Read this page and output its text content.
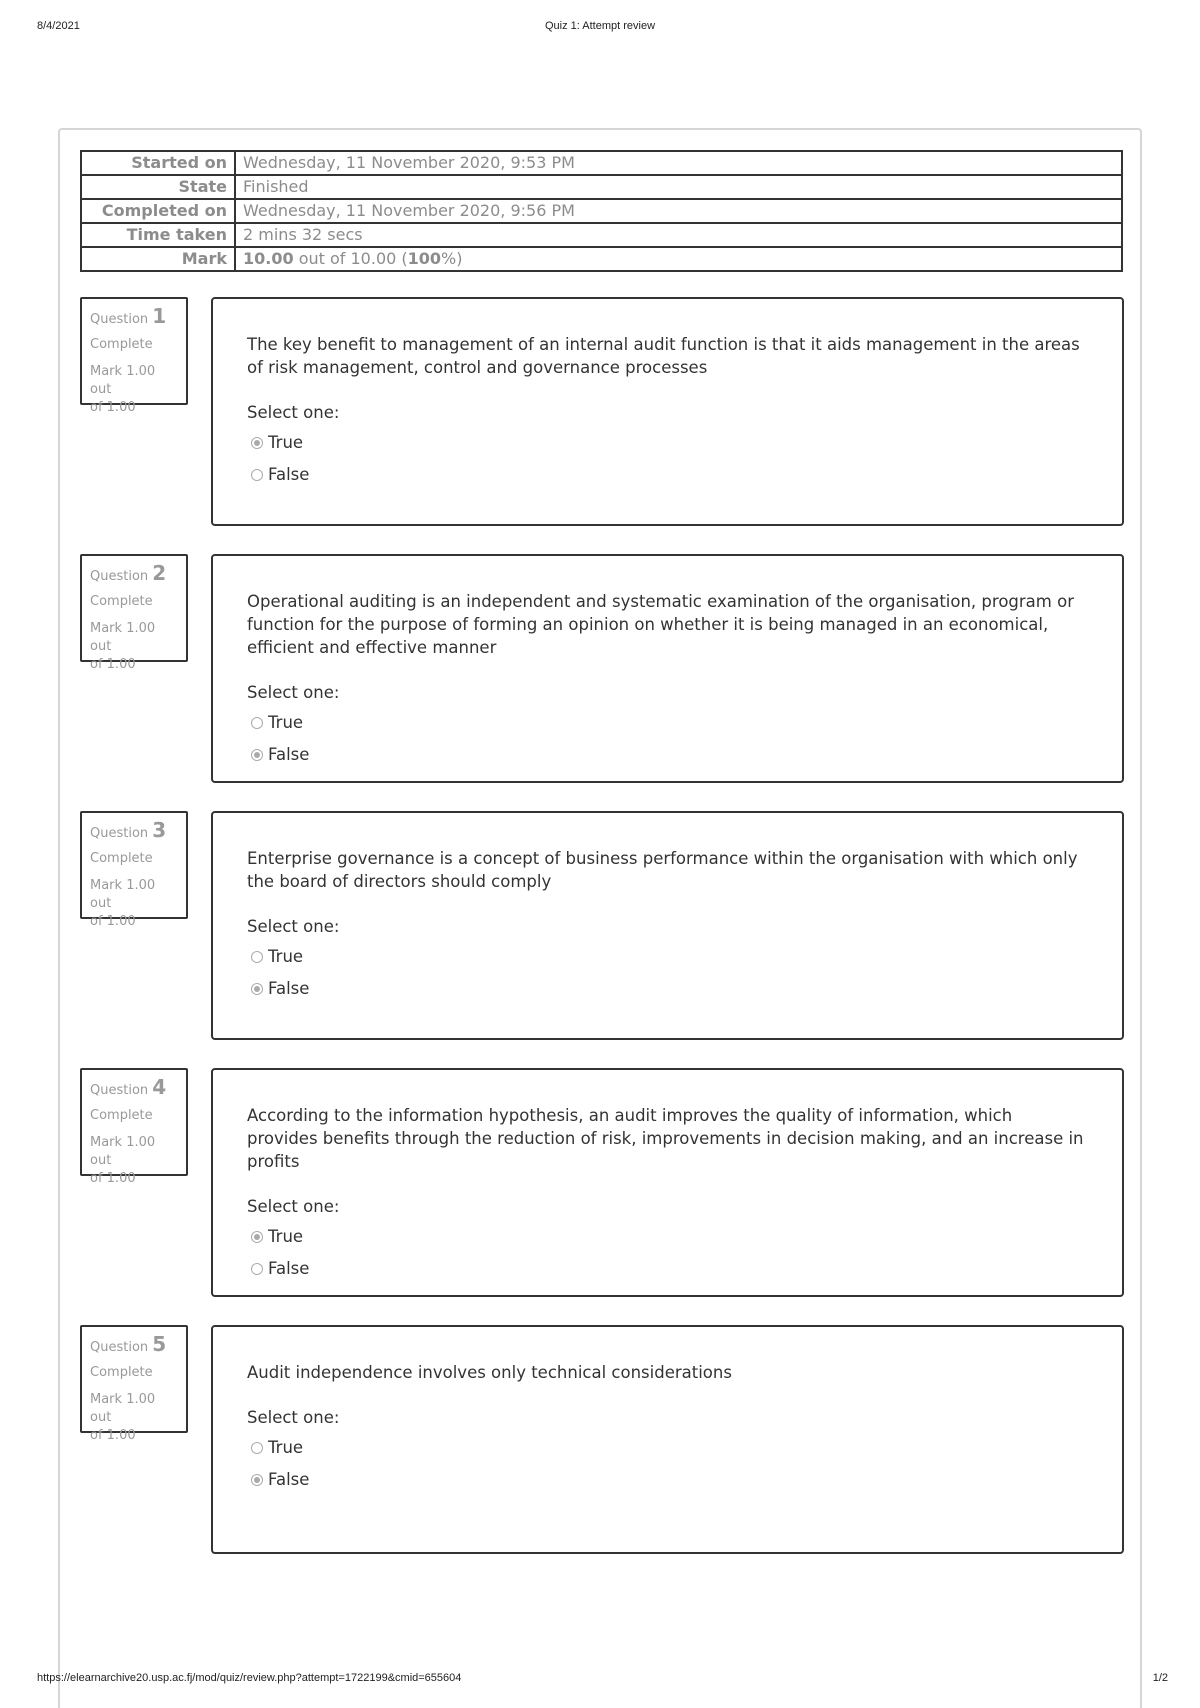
8/4/2021	Quiz 1: Attempt review
Started on	Wednesday, 11 November 2020, 9:53 PM
State	Finished
Completed on	Wednesday, 11 November 2020, 9:56 PM
Time taken	2 mins 32 secs
Mark	10.00 out of 10.00 (100%)
Question 1
Complete
Mark 1.00 out
of 1.00

The key benefit to management of an internal audit function is that it aids management in the areas of risk management, control and governance processes

Select one:
True
False
Question 2
Complete
Mark 1.00 out
of 1.00

Operational auditing is an independent and systematic examination of the organisation, program or function for the purpose of forming an opinion on whether it is being managed in an economical, efficient and effective manner

Select one:
True
False
Question 3
Complete
Mark 1.00 out
of 1.00

Enterprise governance is a concept of business performance within the organisation with which only the board of directors should comply

Select one:
True
False
Question 4
Complete
Mark 1.00 out
of 1.00

According to the information hypothesis, an audit improves the quality of information, which provides benefits through the reduction of risk, improvements in decision making, and an increase in profits

Select one:
True
False
Question 5
Complete
Mark 1.00 out
of 1.00

Audit independence involves only technical considerations

Select one:
True
False
https://elearnarchive20.usp.ac.fj/mod/quiz/review.php?attempt=1722199&cmid=655604	1/2
